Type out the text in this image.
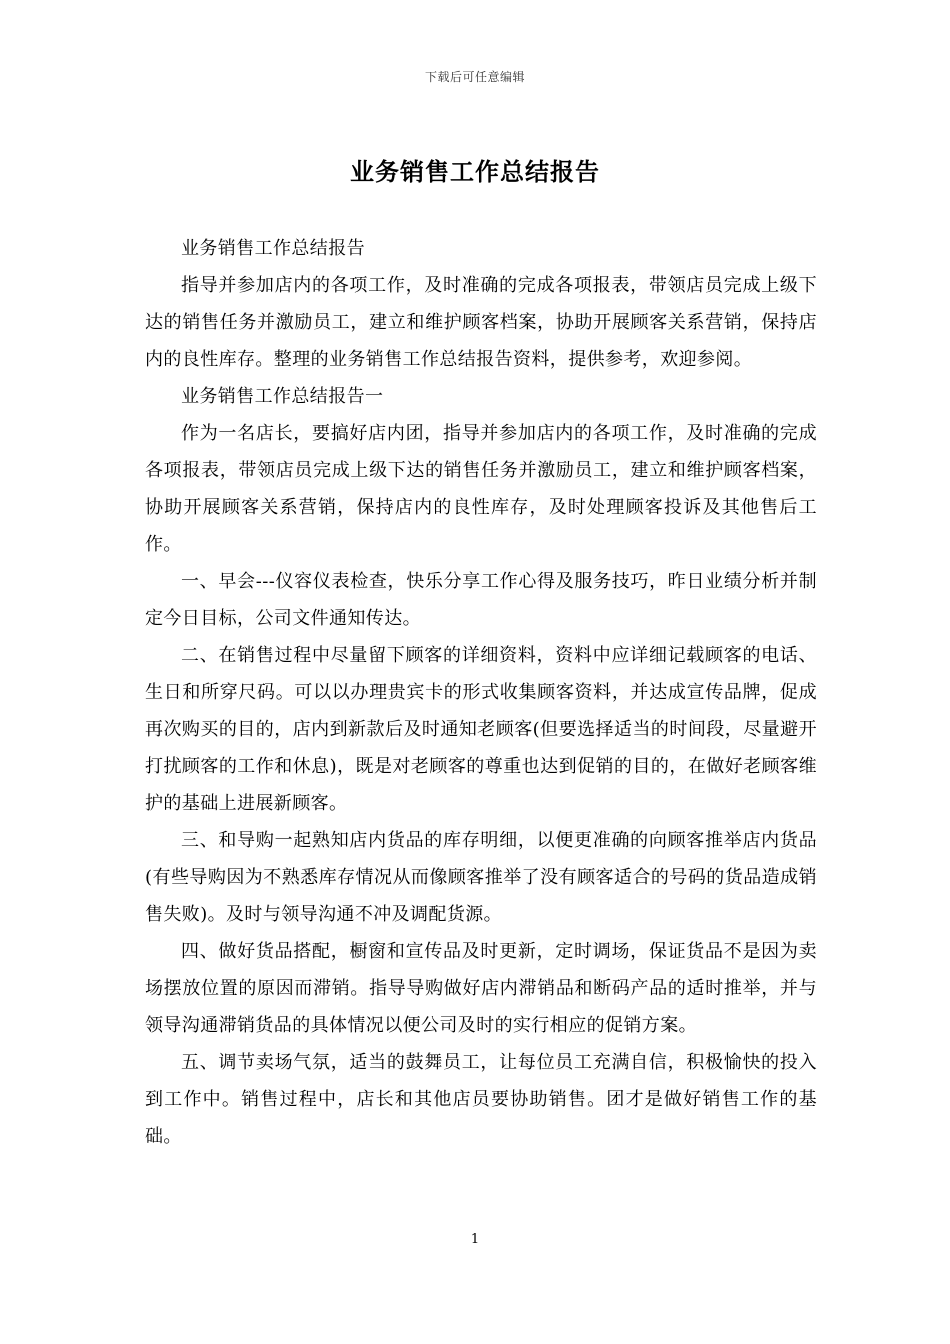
下载后可任意编辑
业务销售工作总结报告

业务销售工作总结报告

指导并参加店内的各项工作，及时准确的完成各项报表，带领店员完成上级下达的销售任务并激励员工，建立和维护顾客档案，协助开展顾客关系营销，保持店内的良性库存。整理的业务销售工作总结报告资料，提供参考，欢迎参阅。

业务销售工作总结报告一

作为一名店长，要搞好店内团，指导并参加店内的各项工作，及时准确的完成各项报表，带领店员完成上级下达的销售任务并激励员工，建立和维护顾客档案，协助开展顾客关系营销，保持店内的良性库存，及时处理顾客投诉及其他售后工作。

一、早会---仪容仪表检查，快乐分享工作心得及服务技巧，昨日业绩分析并制定今日目标，公司文件通知传达。

二、在销售过程中尽量留下顾客的详细资料，资料中应详细记载顾客的电话、生日和所穿尺码。可以以办理贵宾卡的形式收集顾客资料，并达成宣传品牌，促成再次购买的目的，店内到新款后及时通知老顾客(但要选择适当的时间段，尽量避开打扰顾客的工作和休息)，既是对老顾客的尊重也达到促销的目的，在做好老顾客维护的基础上进展新顾客。

三、和导购一起熟知店内货品的库存明细，以便更准确的向顾客推举店内货品(有些导购因为不熟悉库存情况从而像顾客推举了没有顾客适合的号码的货品造成销售失败)。及时与领导沟通不冲及调配货源。

四、做好货品搭配，橱窗和宣传品及时更新，定时调场，保证货品不是因为卖场摆放位置的原因而滞销。指导导购做好店内滞销品和断码产品的适时推举，并与领导沟通滞销货品的具体情况以便公司及时的实行相应的促销方案。

五、调节卖场气氛，适当的鼓舞员工，让每位员工充满自信，积极愉快的投入到工作中。销售过程中，店长和其他店员要协助销售。团才是做好销售工作的基础。

1
